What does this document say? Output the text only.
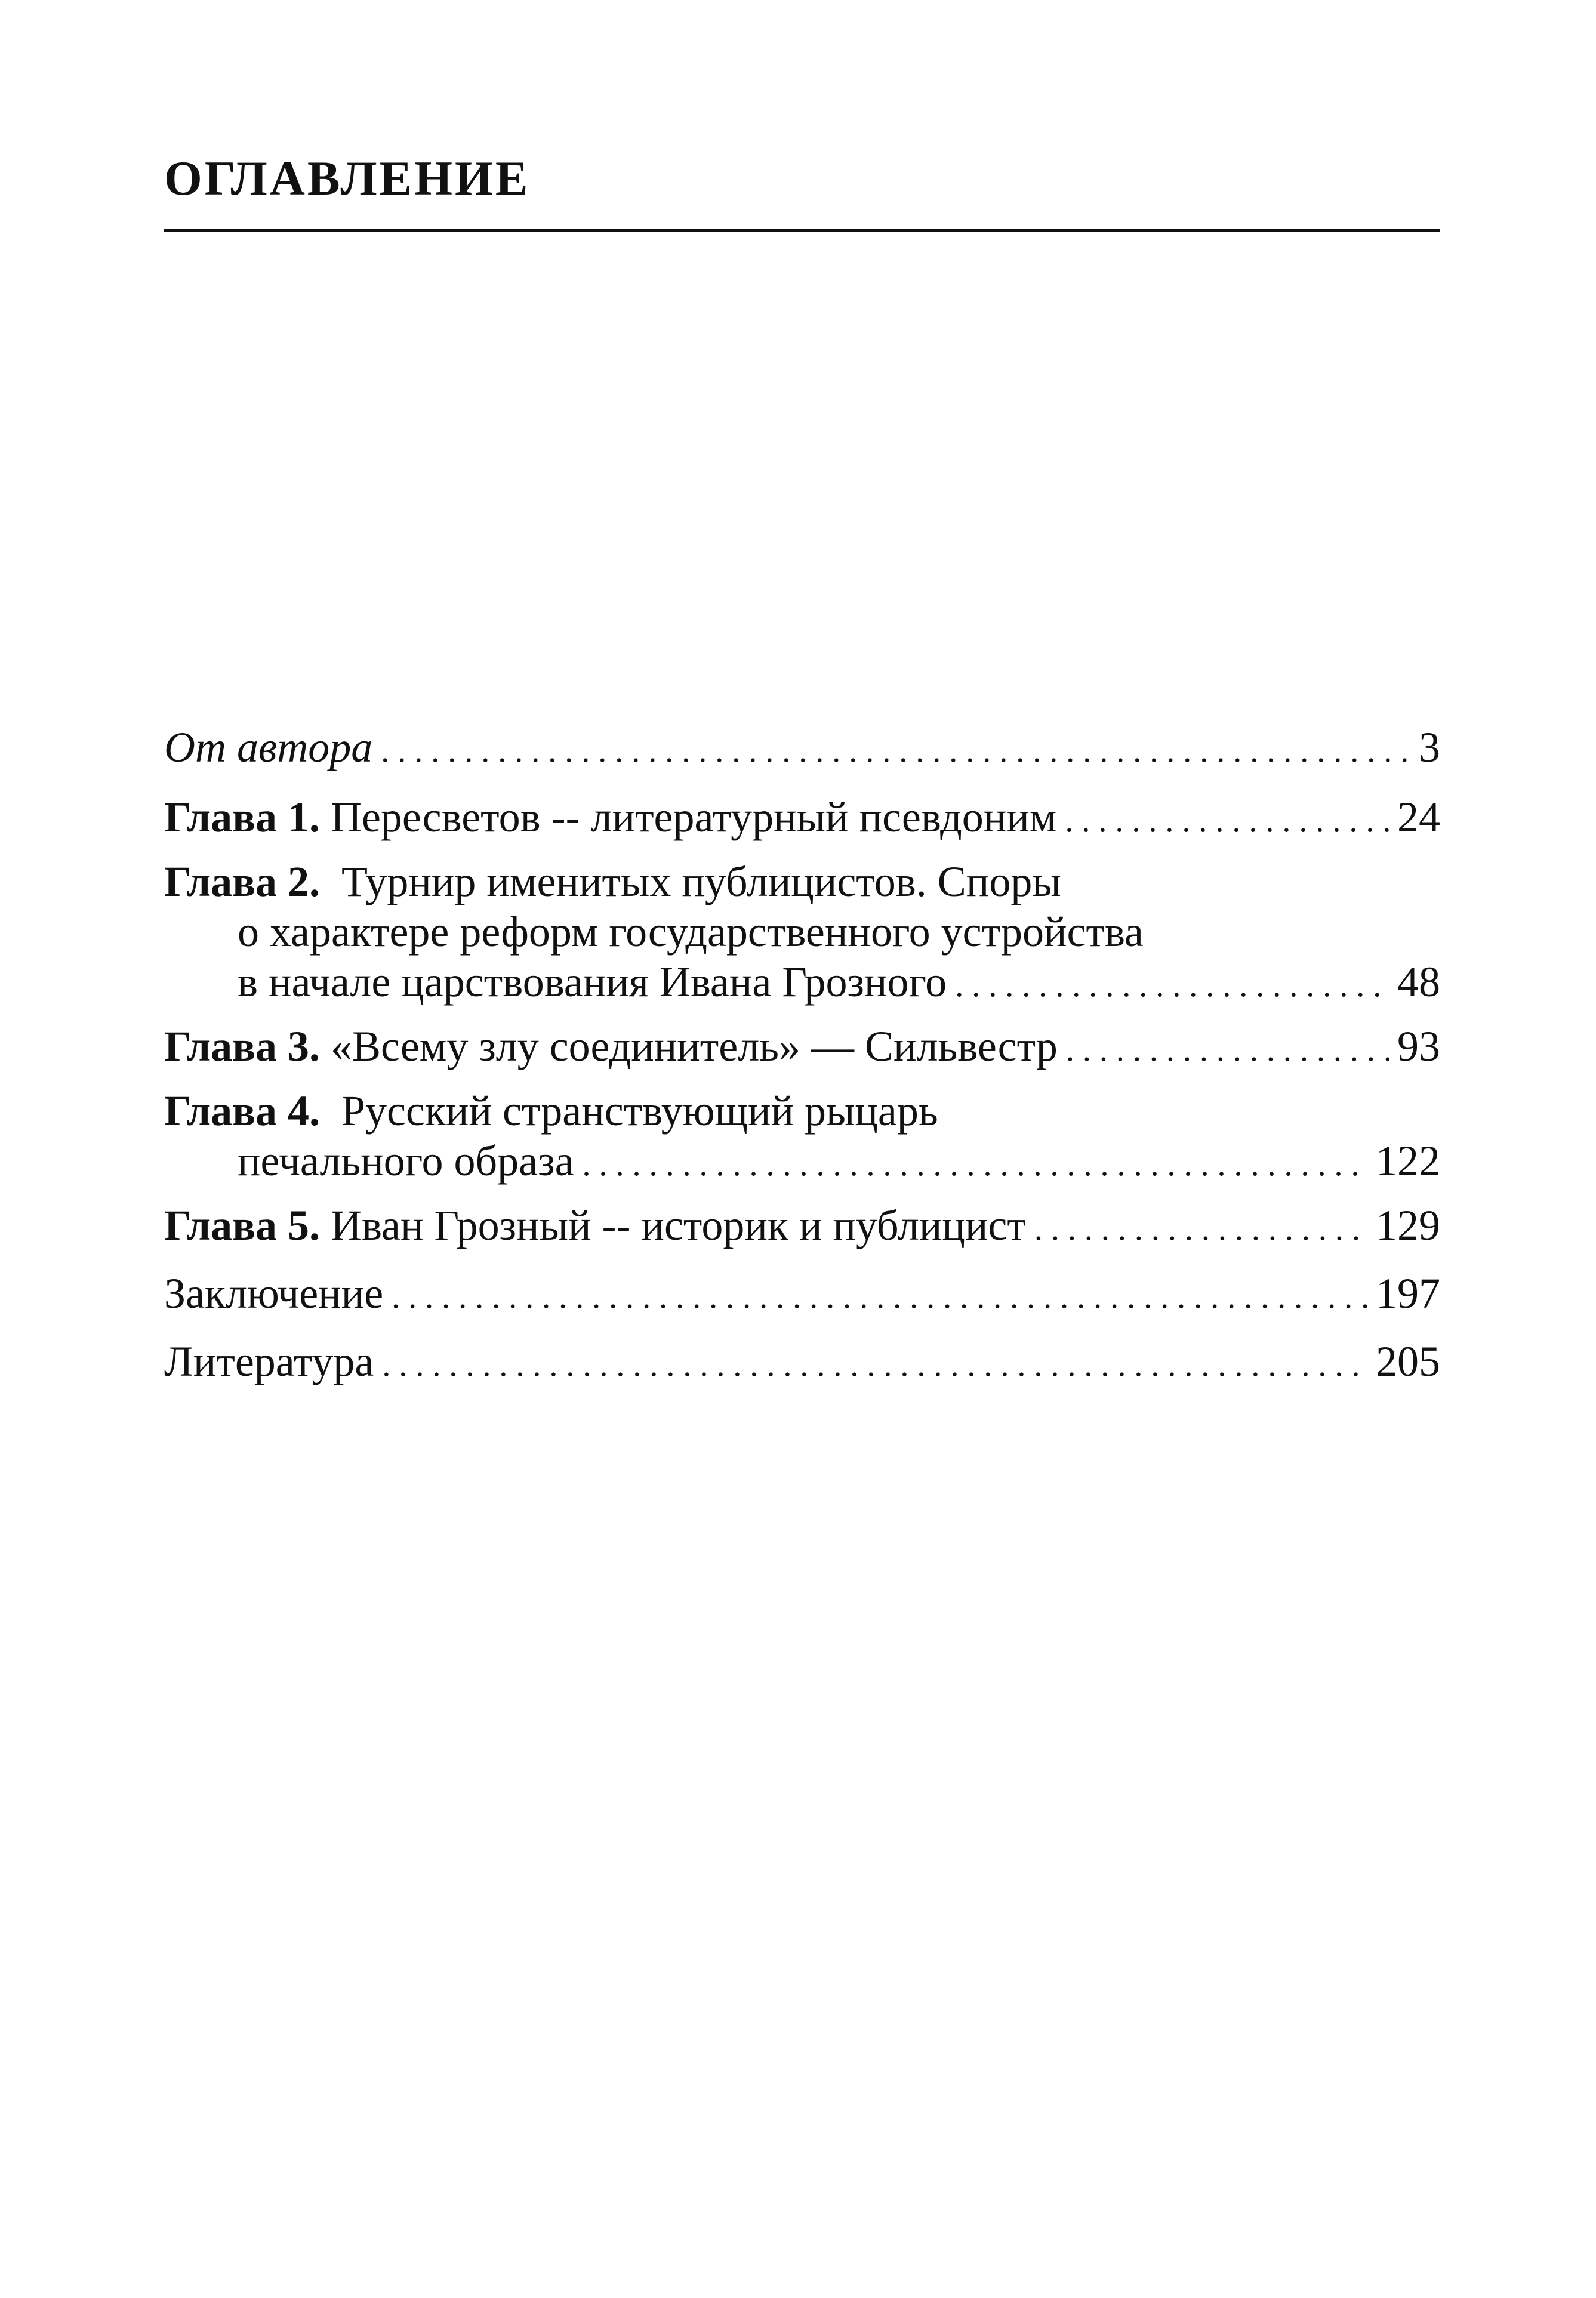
ОГЛАВЛЕНИЕ
От автора . . .	3
Глава 1. Пересветов -- литературный псевдоним . . .	24
Глава 2. Турнир именитых публицистов. Споры
о характере реформ государственного устройства
в начале царствования Ивана Грозного . . .	48
Глава 3. «Всему злу соединитель» — Сильвестр . . .	93
Глава 4. Русский странствующий рыцарь
печального образа . . .	122
Глава 5. Иван Грозный -- историк и публицист . . .	129
Заключение . . .	197
Литература . . .	205
